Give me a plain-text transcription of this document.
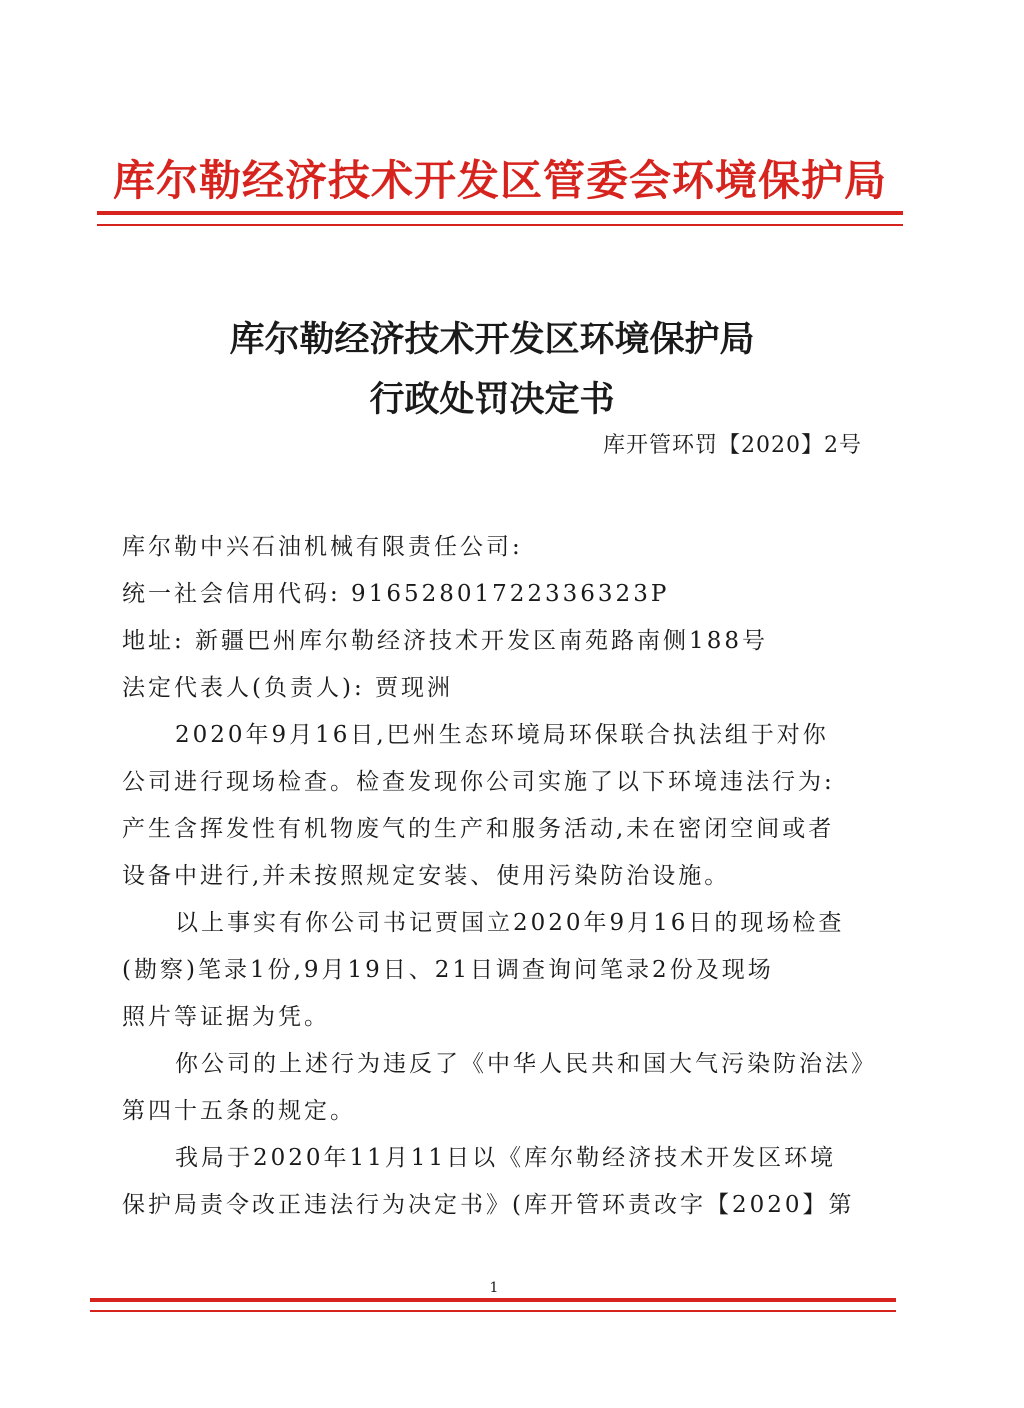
库尔勒经济技术开发区管委会环境保护局
库尔勒经济技术开发区环境保护局
行政处罚决定书
库开管环罚【2020】2号
库尔勒中兴石油机械有限责任公司:
统一社会信用代码: 91652801722336323P
地址: 新疆巴州库尔勒经济技术开发区南苑路南侧188号
法定代表人(负责人): 贾现洲
2020年9月16日,巴州生态环境局环保联合执法组于对你
公司进行现场检查。检查发现你公司实施了以下环境违法行为:
产生含挥发性有机物废气的生产和服务活动,未在密闭空间或者
设备中进行,并未按照规定安装、使用污染防治设施。
以上事实有你公司书记贾国立2020年9月16日的现场检查
(勘察)笔录1份,9月19日、21日调查询问笔录2份及现场
照片等证据为凭。
你公司的上述行为违反了《中华人民共和国大气污染防治法》
第四十五条的规定。
我局于2020年11月11日以《库尔勒经济技术开发区环境
保护局责令改正违法行为决定书》(库开管环责改字【2020】第
1
